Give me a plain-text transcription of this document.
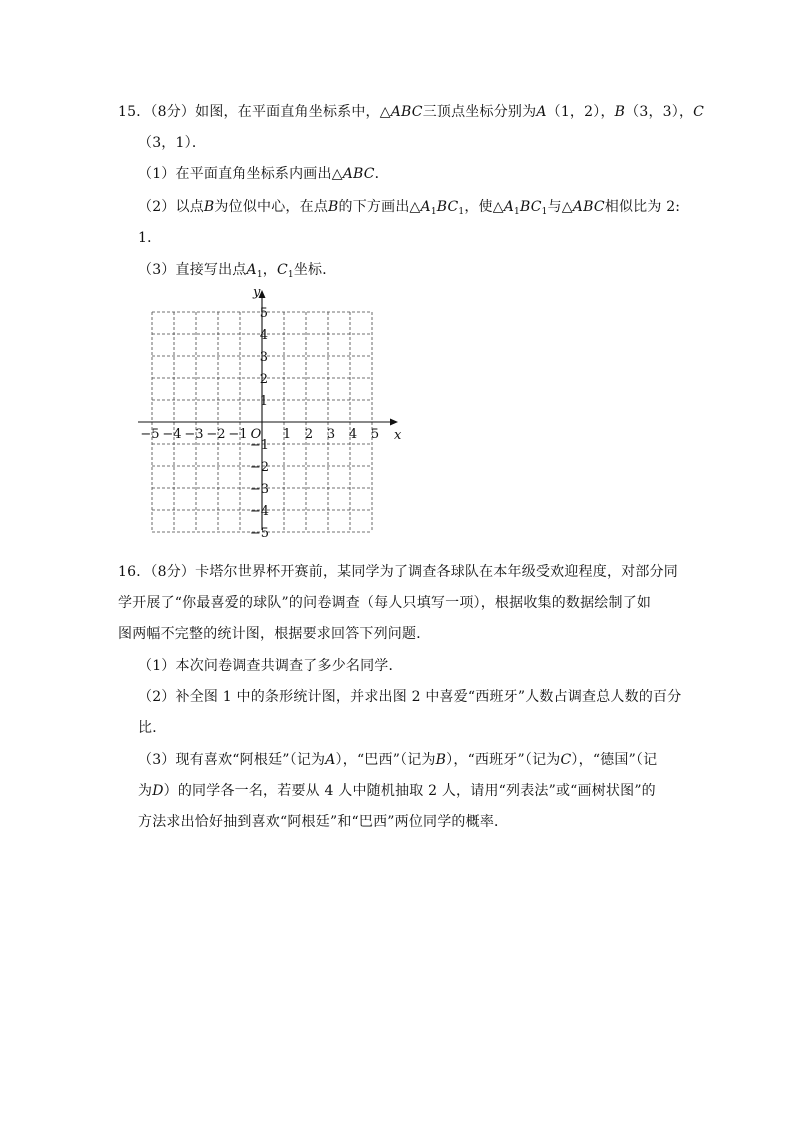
15．（8分）如图，在平面直角坐标系中，△ABC三顶点坐标分别为A（1，2），B（3，3），C
（3，1）．
（1）在平面直角坐标系内画出△ABC．
（2）以点B为位似中心，在点B的下方画出$\triangle A_1BC_1$，使$\triangle A_1BC_1$与△ABC相似比为 2:
1．
（3）直接写出点$A_1$，$C_1$坐标．
x
y
O
−5 −4 −3 −2 −1	1 2 3 4 5
5
4
3
2
1
−1
−2
−3
−4
−5
16．（8分）卡塔尔世界杯开赛前，某同学为了调查各球队在本年级受欢迎程度，对部分同
学开展了“你最喜爱的球队”的问卷调查（每人只填写一项），根据收集的数据绘制了如
图两幅不完整的统计图，根据要求回答下列问题．
（1）本次问卷调查共调查了多少名同学．
（2）补全图 1 中的条形统计图，并求出图 2 中喜爱“西班牙”人数占调查总人数的百分
比．
（3）现有喜欢“阿根廷”（记为A），“巴西”（记为B），“西班牙”（记为C），“德国”（记
为D）的同学各一名，若要从 4 人中随机抽取 2 人，请用“列表法”或“画树状图”的
方法求出恰好抽到喜欢“阿根廷”和“巴西”两位同学的概率．
